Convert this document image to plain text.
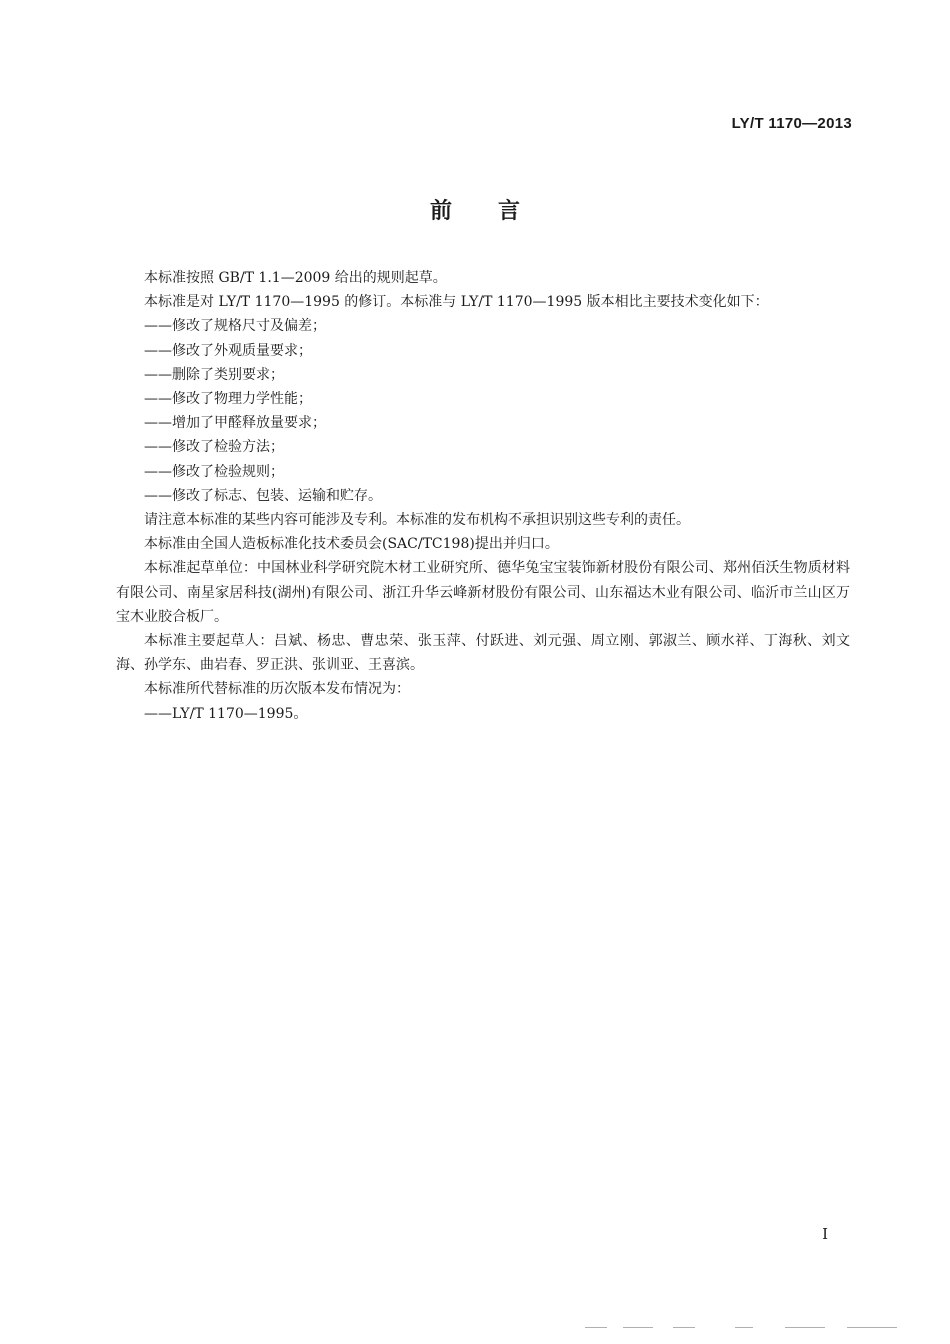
LY/T 1170—2013
前言

本标准按照 GB/T 1.1—2009 给出的规则起草。

本标准是对 LY/T 1170—1995 的修订。本标准与 LY/T 1170—1995 版本相比主要技术变化如下：

——修改了规格尺寸及偏差；

——修改了外观质量要求；

——删除了类别要求；

——修改了物理力学性能；

——增加了甲醛释放量要求；

——修改了检验方法；

——修改了检验规则；

——修改了标志、包装、运输和贮存。

请注意本标准的某些内容可能涉及专利。本标准的发布机构不承担识别这些专利的责任。

本标准由全国人造板标准化技术委员会(SAC/TC198)提出并归口。

本标准起草单位：中国林业科学研究院木材工业研究所、德华兔宝宝装饰新材股份有限公司、郑州佰沃生物质材料有限公司、南星家居科技(湖州)有限公司、浙江升华云峰新材股份有限公司、山东福达木业有限公司、临沂市兰山区万宝木业胶合板厂。

本标准主要起草人：吕斌、杨忠、曹忠荣、张玉萍、付跃进、刘元强、周立刚、郭淑兰、顾水祥、丁海秋、刘文海、孙学东、曲岩春、罗正洪、张训亚、王喜滨。

本标准所代替标准的历次版本发布情况为：

——LY/T 1170—1995。

I
